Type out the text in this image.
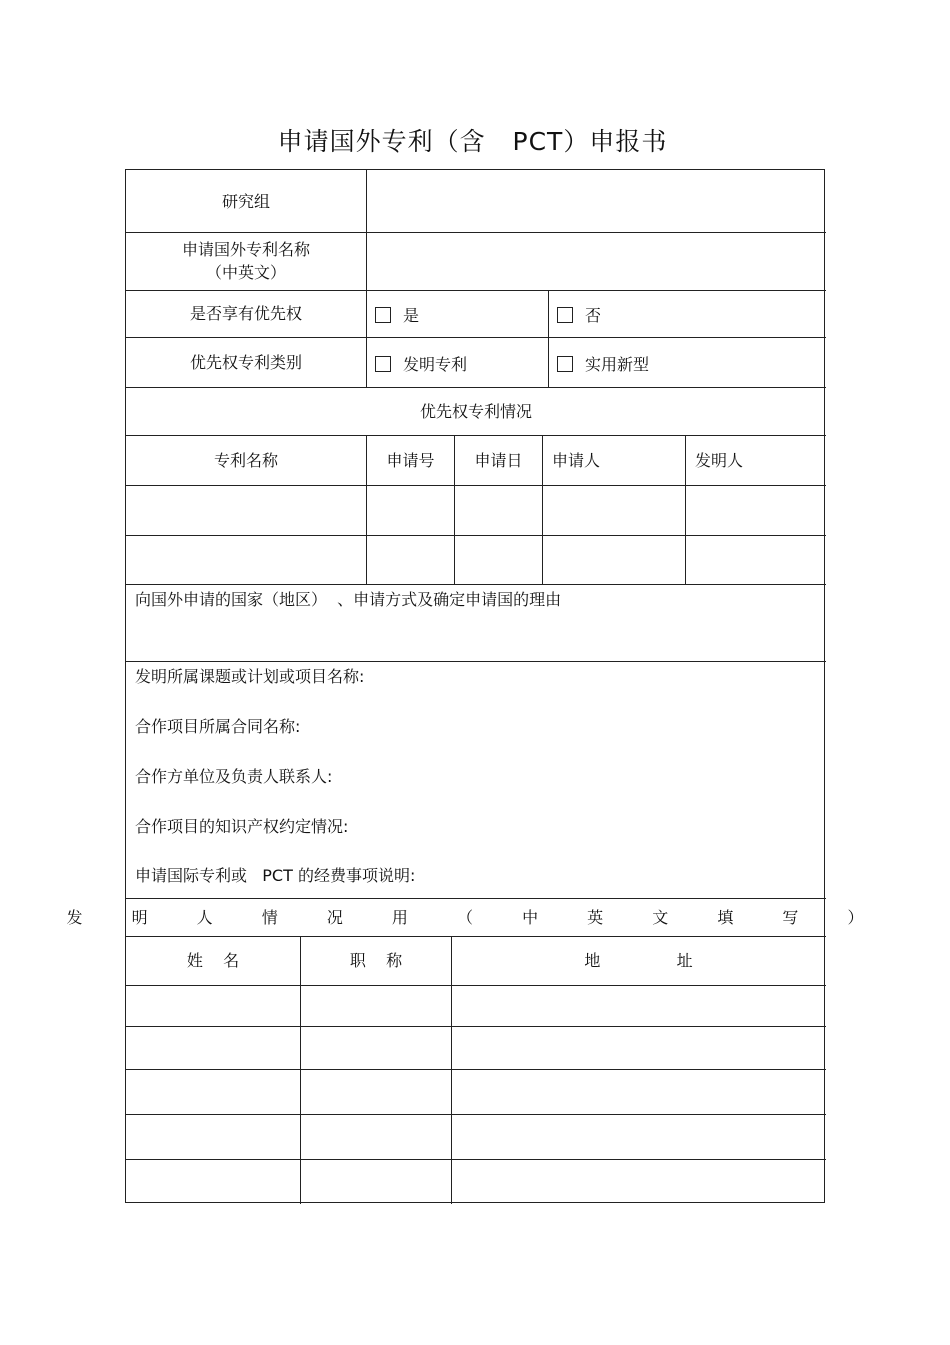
申请国外专利（含   PCT）申报书
研究组
申请国外专利名称
（中英文）
是否享有优先权	是	否
优先权专利类别	发明专利	实用新型
优先权专利情况
专利名称	申请号	申请日	申请人	发明人
向国外申请的国家（地区）  、申请方式及确定申请国的理由
发明所属课题或计划或项目名称:
合作项目所属合同名称:
合作方单位及负责人联系人:
合作项目的知识产权约定情况:
申请国际专利或   PCT 的经费事项说明:
发 明 人 情 况 用 （ 中 英 文 填 写 ）
姓    名	职    称	地               址
